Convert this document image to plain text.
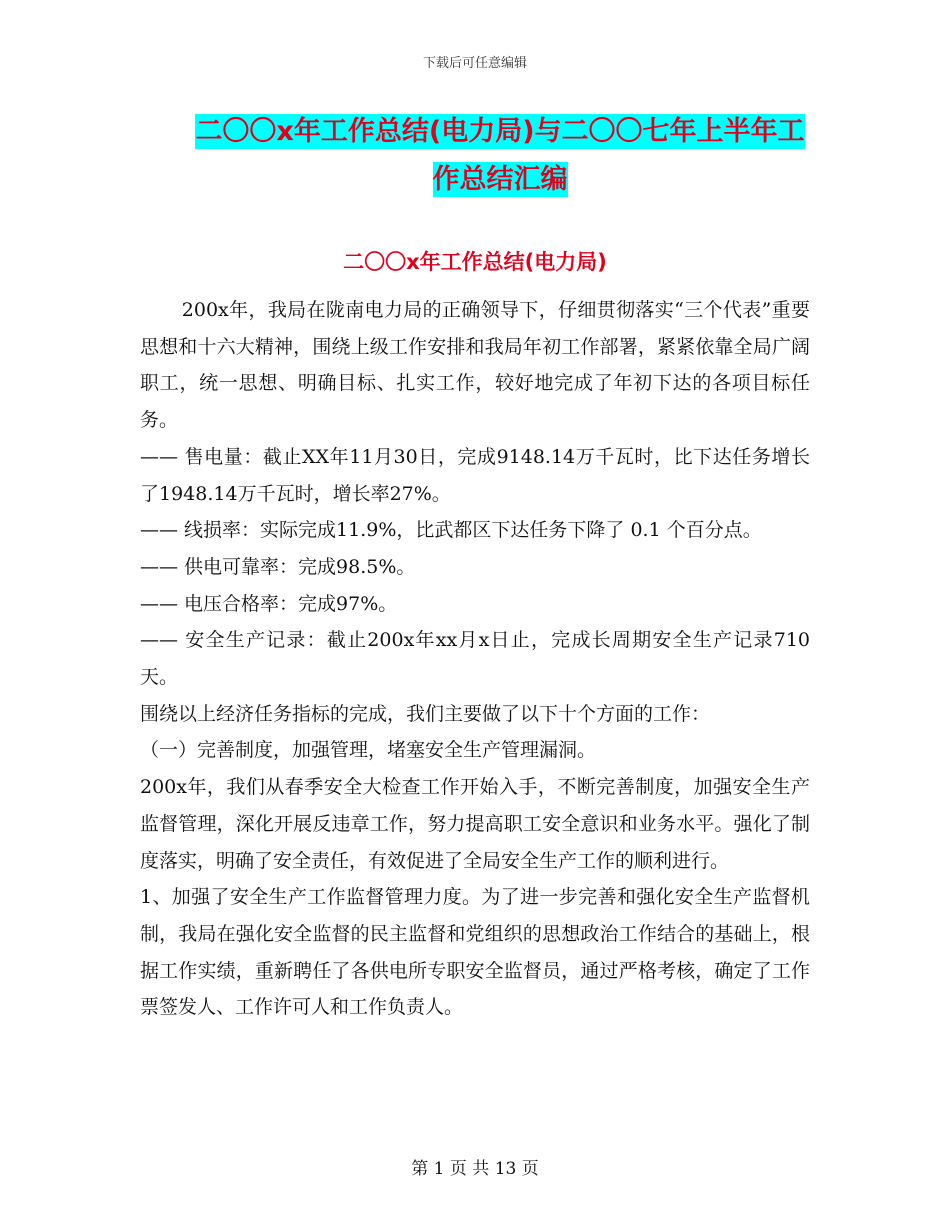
下载后可任意编辑
二〇〇x年工作总结(电力局)与二〇〇七年上半年工
作总结汇编
二〇〇x年工作总结(电力局)

200x年，我局在陇南电力局的正确领导下，仔细贯彻落实“三个代表”重要思想和十六大精神，围绕上级工作安排和我局年初工作部署，紧紧依靠全局广阔职工，统一思想、明确目标、扎实工作，较好地完成了年初下达的各项目标任务。

—— 售电量：截止XX年11月30日，完成9148.14万千瓦时，比下达任务增长了1948.14万千瓦时，增长率27%。

—— 线损率：实际完成11.9%，比武都区下达任务下降了 0.1 个百分点。

—— 供电可靠率：完成98.5%。

—— 电压合格率：完成97%。

—— 安全生产记录：截止200x年xx月x日止，完成长周期安全生产记录710天。

围绕以上经济任务指标的完成，我们主要做了以下十个方面的工作：

（一）完善制度，加强管理，堵塞安全生产管理漏洞。

200x年，我们从春季安全大检查工作开始入手，不断完善制度，加强安全生产监督管理，深化开展反违章工作，努力提高职工安全意识和业务水平。强化了制度落实，明确了安全责任，有效促进了全局安全生产工作的顺利进行。

1、加强了安全生产工作监督管理力度。为了进一步完善和强化安全生产监督机制，我局在强化安全监督的民主监督和党组织的思想政治工作结合的基础上，根据工作实绩，重新聘任了各供电所专职安全监督员，通过严格考核，确定了工作票签发人、工作许可人和工作负责人。

第 1 页 共 13 页
